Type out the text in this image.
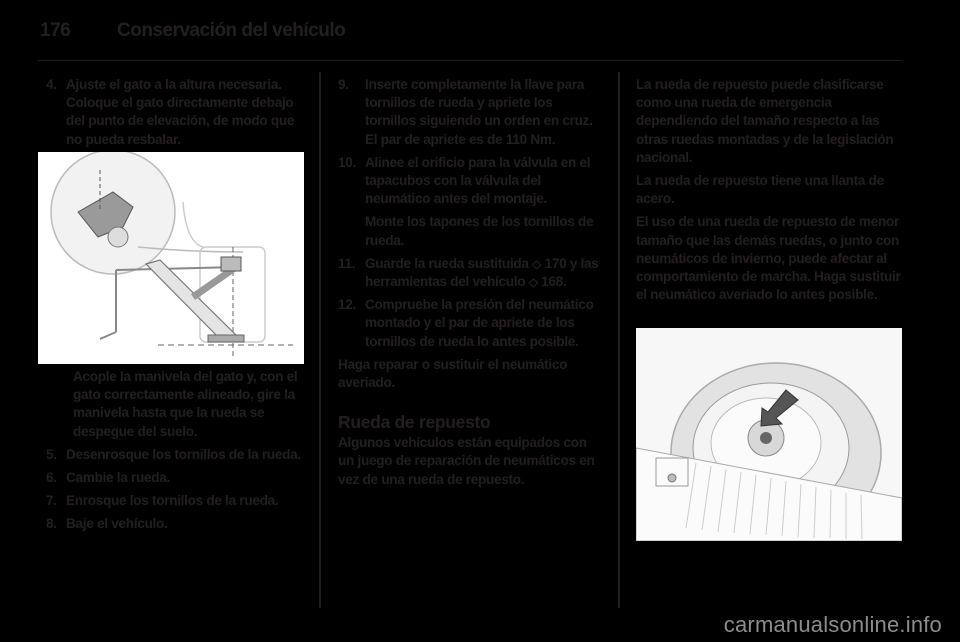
176 Conservación del vehículo
4. Ajuste el gato a la altura necesaria. Coloque el gato directamente debajo del punto de elevación, de modo que no pueda resbalar.
Acople la manivela del gato y, con el gato correctamente alineado, gire la manivela hasta que la rueda se despegue del suelo.
5. Desenrosque los tornillos de la rueda.
6. Cambie la rueda.
7. Enrosque los tornillos de la rueda.
8. Baje el vehículo.
9.	Inserte completamente la llave para tornillos de rueda y apriete los tornillos siguiendo un orden en cruz. El par de apriete es de 110 Nm.
10. Alinee el orificio para la válvula en el tapacubos con la válvula del neumático antes del montaje.
Monte los tapones de los tornillos de rueda.
11. Guarde la rueda sustituida ◇ 170 y las herramientas del vehículo ◇ 168.
12. Compruebe la presión del neumático montado y el par de apriete de los tornillos de rueda lo antes posible.
Haga reparar o sustituir el neumático averiado.
Rueda de repuesto
Algunos vehículos están equipados con un juego de reparación de neumáticos en vez de una rueda de repuesto.
La rueda de repuesto puede clasificarse como una rueda de emergencia dependiendo del tamaño respecto a las otras ruedas montadas y de la legislación nacional.
La rueda de repuesto tiene una llanta de acero.
El uso de una rueda de repuesto de menor tamaño que las demás ruedas, o junto con neumáticos de invierno, puede afectar al comportamiento de marcha. Haga sustituir el neumático averiado lo antes posible.
carmanualsonline.info
